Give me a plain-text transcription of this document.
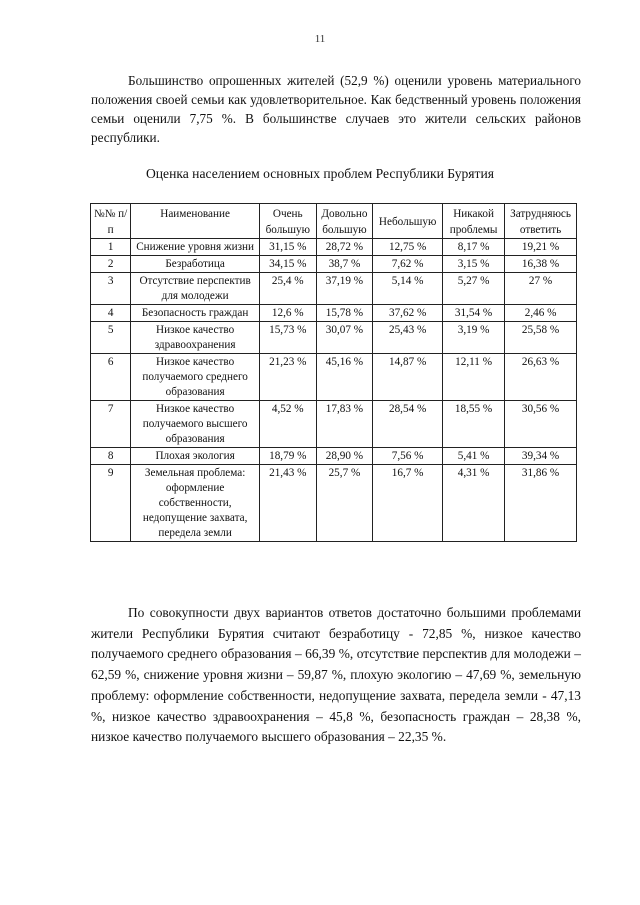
11

Большинство опрошенных жителей (52,9 %) оценили уровень материального положения своей семьи как удовлетворительное. Как бедственный уровень положения семьи оценили 7,75 %. В большинстве случаев это жители сельских районов республики.

Оценка населением основных проблем Республики Бурятия
№№ п/п	Наименование	Очень большую	Довольно большую	Небольшую	Никакой проблемы	Затрудняюсь ответить
1	Снижение уровня жизни	31,15 %	28,72 %	12,75 %	8,17 %	19,21 %
2	Безработица	34,15 %	38,7 %	7,62 %	3,15 %	16,38 %
3	Отсутствие перспектив для молодежи	25,4 %	37,19 %	5,14 %	5,27 %	27 %
4	Безопасность граждан	12,6 %	15,78 %	37,62 %	31,54 %	2,46 %
5	Низкое качество здравоохранения	15,73 %	30,07 %	25,43 %	3,19 %	25,58 %
6	Низкое качество получаемого среднего образования	21,23 %	45,16 %	14,87 %	12,11 %	26,63 %
7	Низкое качество получаемого высшего образования	4,52 %	17,83 %	28,54 %	18,55 %	30,56 %
8	Плохая экология	18,79 %	28,90 %	7,56 %	5,41 %	39,34 %
9	Земельная проблема: оформление собственности, недопущение захвата, передела земли	21,43 %	25,7 %	16,7 %	4,31 %	31,86 %

По совокупности двух вариантов ответов достаточно большими проблемами жители Республики Бурятия считают безработицу - 72,85 %, низкое качество получаемого среднего образования – 66,39 %, отсутствие перспектив для молодежи – 62,59 %, снижение уровня жизни – 59,87 %, плохую экологию – 47,69 %, земельную проблему: оформление собственности, недопущение захвата, передела земли - 47,13 %, низкое качество здравоохранения – 45,8 %, безопасность граждан – 28,38 %, низкое качество получаемого высшего образования – 22,35 %.
